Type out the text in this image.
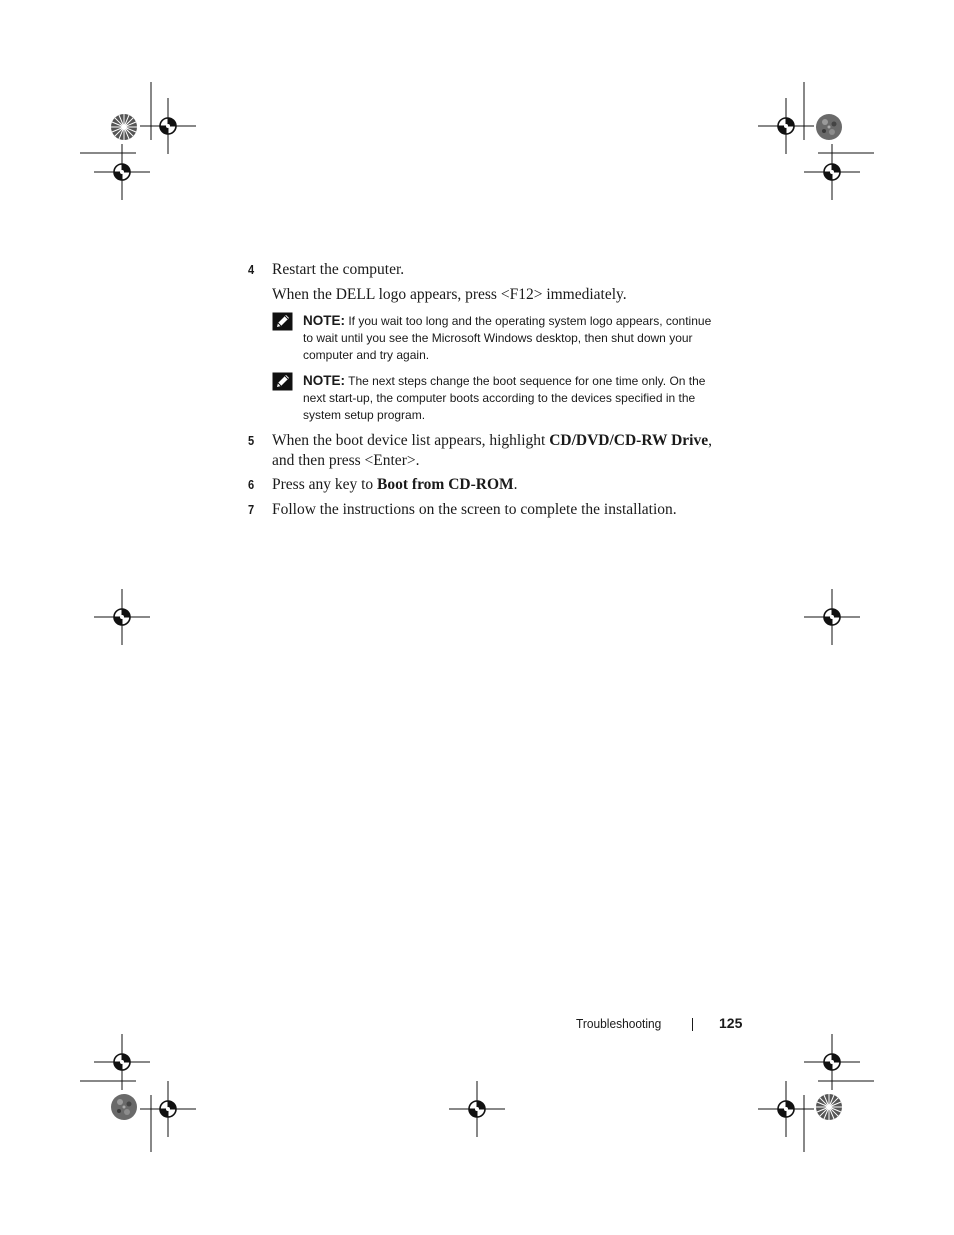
4 Restart the computer.
When the DELL logo appears, press <F12> immediately.
NOTE: If you wait too long and the operating system logo appears, continue
to wait until you see the Microsoft Windows desktop, then shut down your
computer and try again.
NOTE: The next steps change the boot sequence for one time only. On the
next start-up, the computer boots according to the devices specified in the
system setup program.
5 When the boot device list appears, highlight CD/DVD/CD-RW Drive,
and then press <Enter>.
6 Press any key to Boot from CD-ROM.
7 Follow the instructions on the screen to complete the installation.
Troubleshooting	125
